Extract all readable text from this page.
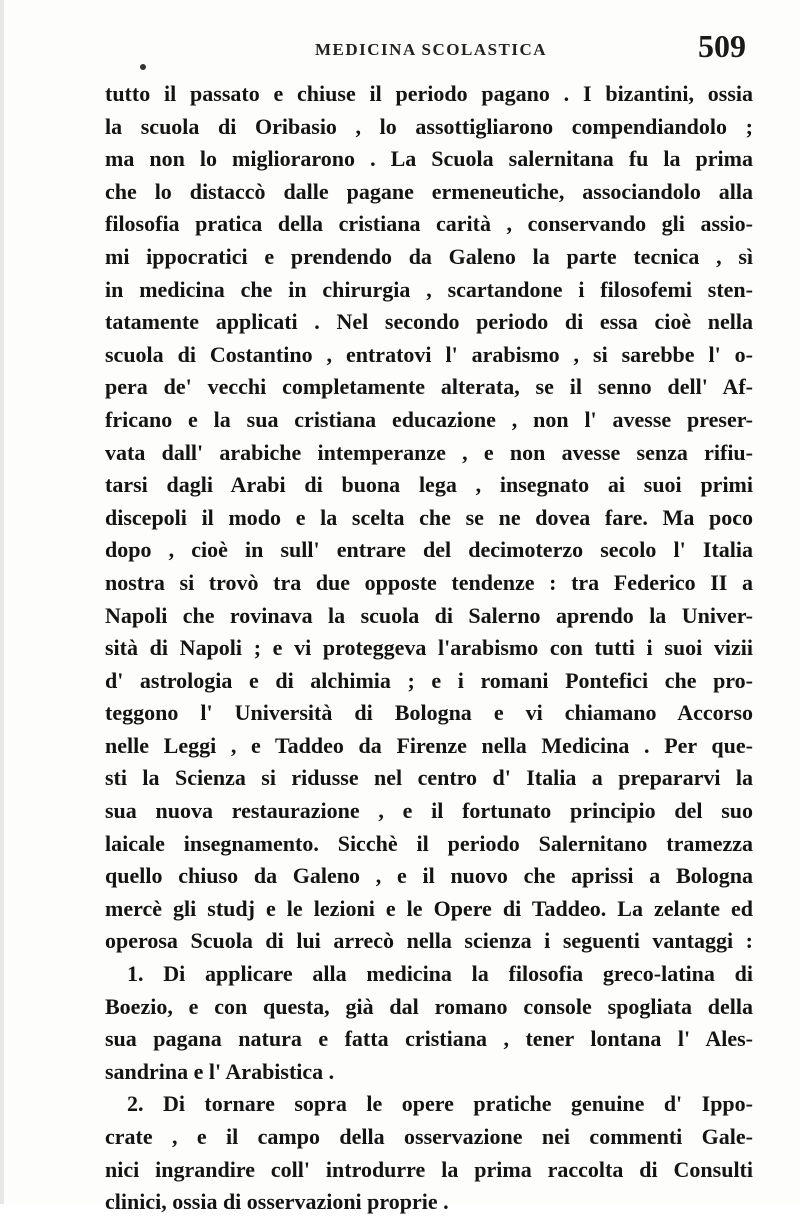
MEDICINA SCOLASTICA	509
tutto il passato e chiuse il periodo pagano . I bizantini, ossia
la scuola di Oribasio , lo assottigliarono compendiandolo ;
ma non lo migliorarono . La Scuola salernitana fu la prima
che lo distaccò dalle pagane ermeneutiche, associandolo alla
filosofia pratica della cristiana carità , conservando gli assio-
mi ippocratici e prendendo da Galeno la parte tecnica , sì
in medicina che in chirurgia , scartandone i filosofemi sten-
tatamente applicati . Nel secondo periodo di essa cioè nella
scuola di Costantino , entratovi l' arabismo , si sarebbe l' o-
pera de' vecchi completamente alterata, se il senno dell' Af-
fricano e la sua cristiana educazione , non l' avesse preser-
vata dall' arabiche intemperanze , e non avesse senza rifiu-
tarsi dagli Arabi di buona lega , insegnato ai suoi primi
discepoli il modo e la scelta che se ne dovea fare. Ma poco
dopo , cioè in sull' entrare del decimoterzo secolo l' Italia
nostra si trovò tra due opposte tendenze : tra Federico II a
Napoli che rovinava la scuola di Salerno aprendo la Univer-
sità di Napoli ; e vi proteggeva l'arabismo con tutti i suoi vizii
d' astrologia e di alchimia ; e i romani Pontefici che pro-
teggono l' Università di Bologna e vi chiamano Accorso
nelle Leggi , e Taddeo da Firenze nella Medicina . Per que-
sti la Scienza si ridusse nel centro d' Italia a prepararvi la
sua nuova restaurazione , e il fortunato principio del suo
laicale insegnamento. Sicchè il periodo Salernitano tramezza
quello chiuso da Galeno , e il nuovo che aprissi a Bologna
mercè gli studj e le lezioni e le Opere di Taddeo. La zelante ed
operosa Scuola di lui arrecò nella scienza i seguenti vantaggi :
1. Di applicare alla medicina la filosofia greco-latina di
Boezio, e con questa, già dal romano console spogliata della
sua pagana natura e fatta cristiana , tener lontana l' Ales-
sandrina e l' Arabistica .
2. Di tornare sopra le opere pratiche genuine d' Ippo-
crate , e il campo della osservazione nei commenti Gale-
nici ingrandire coll' introdurre la prima raccolta di Consulti
clinici, ossia di osservazioni proprie .
